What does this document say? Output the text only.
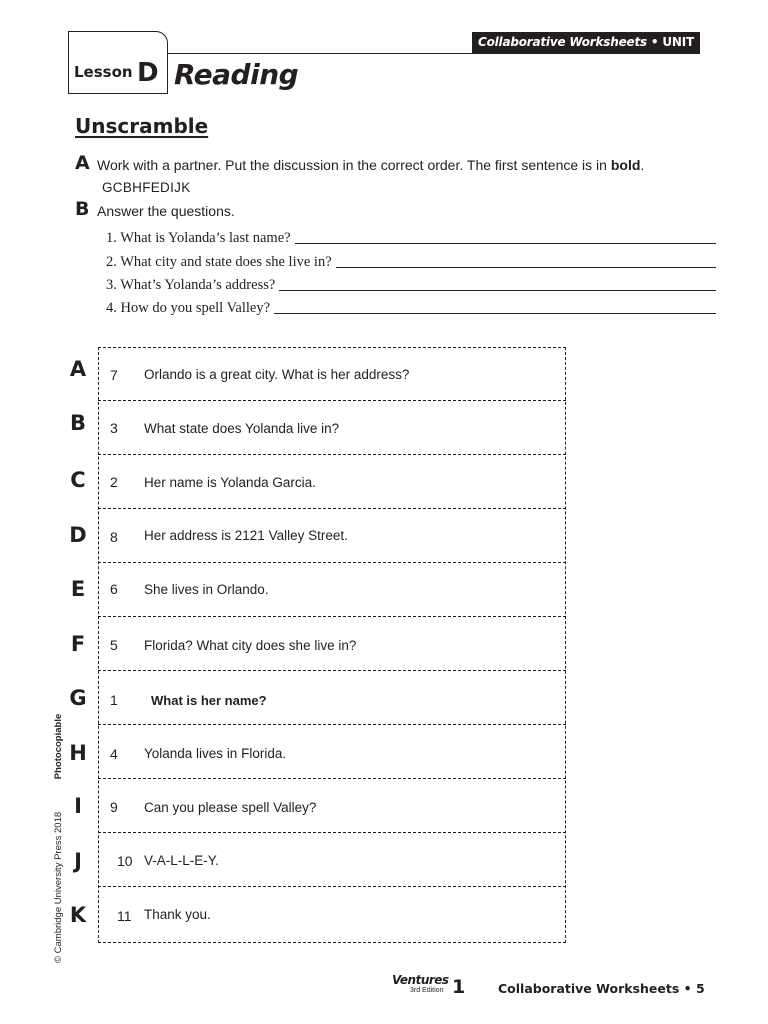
Collaborative Worksheets • UNIT 1
Lesson D Reading
Unscramble
A Work with a partner. Put the discussion in the correct order. The first sentence is in bold.
GCBHFEDIJK
B Answer the questions.
1. What is Yolanda’s last name?
2. What city and state does she live in?
3. What’s Yolanda’s address?
4. How do you spell Valley?
A	7	Orlando is a great city. What is her address?
B	3	What state does Yolanda live in?
C	2	Her name is Yolanda Garcia.
D	8	Her address is 2121 Valley Street.
E	6	She lives in Orlando.
F	5	Florida? What city does she live in?
G	1	What is her name?
H	4	Yolanda lives in Florida.
I	9	Can you please spell Valley?
J	10 V-A-L-L-E-Y.
K	11 Thank you.
© Cambridge University Press 2018 Photocopiable
Ventures
3rd Edition 1	Collaborative Worksheets • 5
